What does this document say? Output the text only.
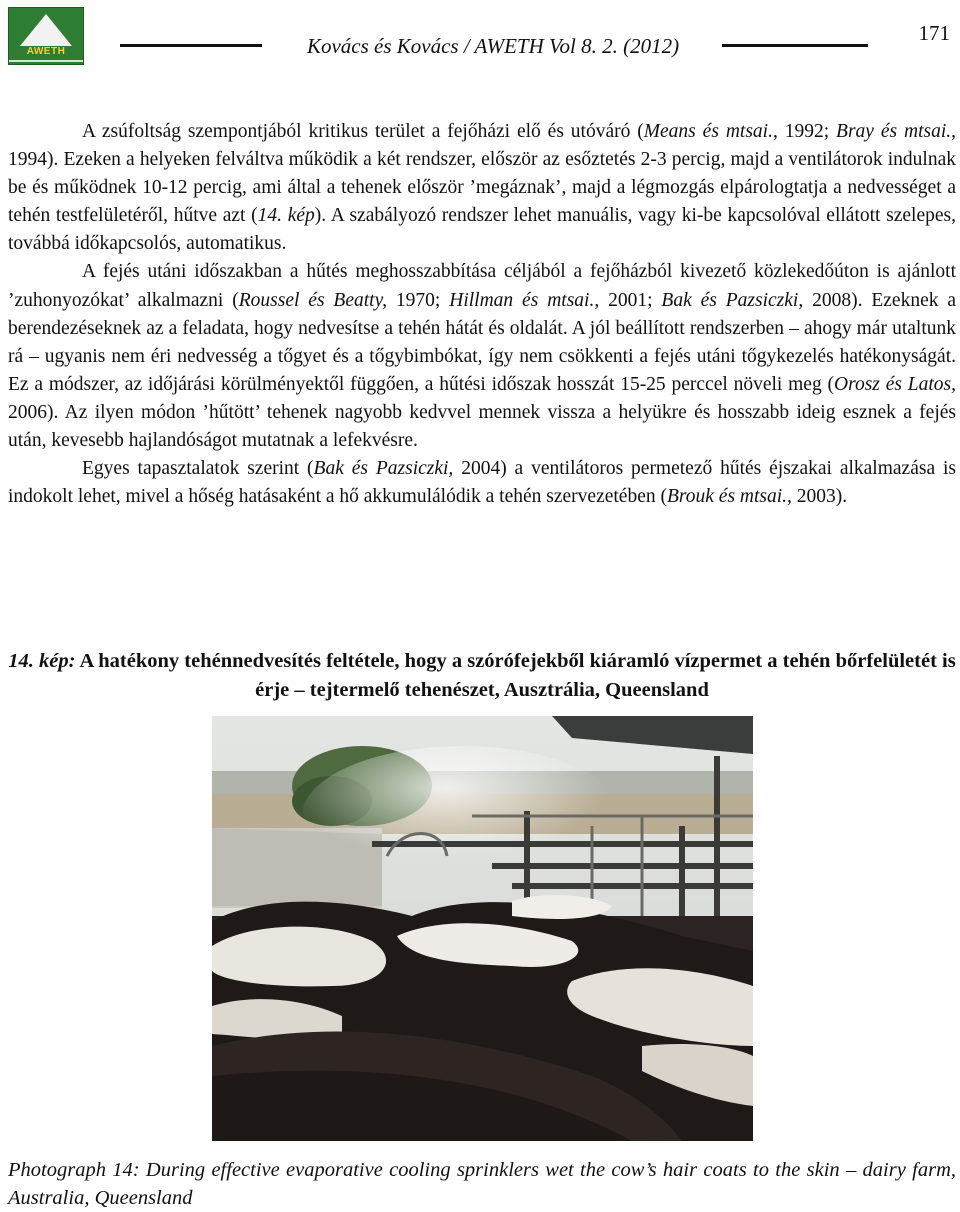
AWETH	Kovács és Kovács / AWETH Vol 8. 2. (2012)
171

A zsúfoltság szempontjából kritikus terület a fejőházi elő és utóváró (Means és mtsai., 1992; Bray és mtsai., 1994). Ezeken a helyeken felváltva működik a két rendszer, először az esőztetés 2-3 percig, majd a ventilátorok indulnak be és működnek 10-12 percig, ami által a tehenek először ’megáznak’, majd a légmozgás elpárologtatja a nedvességet a tehén testfelületéről, hűtve azt (14. kép). A szabályozó rendszer lehet manuális, vagy ki-be kapcsolóval ellátott szelepes, továbbá időkapcsolós, automatikus.

A fejés utáni időszakban a hűtés meghosszabbítása céljából a fejőházból kivezető közlekedőúton is ajánlott ’zuhonyozókat’ alkalmazni (Roussel és Beatty, 1970; Hillman és mtsai., 2001; Bak és Pazsiczki, 2008). Ezeknek a berendezéseknek az a feladata, hogy nedvesítse a tehén hátát és oldalát. A jól beállított rendszerben – ahogy már utaltunk rá – ugyanis nem éri nedvesség a tőgyet és a tőgybimbókat, így nem csökkenti a fejés utáni tőgykezelés hatékonyságát. Ez a módszer, az időjárási körülményektől függően, a hűtési időszak hosszát 15-25 perccel növeli meg (Orosz és Latos, 2006). Az ilyen módon ’hűtött’ tehenek nagyobb kedvvel mennek vissza a helyükre és hosszabb ideig esznek a fejés után, kevesebb hajlandóságot mutatnak a lefekvésre.

Egyes tapasztalatok szerint (Bak és Pazsiczki, 2004) a ventilátoros permetező hűtés éjszakai alkalmazása is indokolt lehet, mivel a hőség hatásaként a hő akkumulálódik a tehén szervezetében (Brouk és mtsai., 2003).

14. kép: A hatékony tehénnedvesítés feltétele, hogy a szórófejekből kiáramló vízpermet a tehén bőrfelületét is érje – tejtermelő tehenészet, Ausztrália, Queensland
Photograph 14: During effective evaporative cooling sprinklers wet the cow’s hair coats to the skin – dairy farm, Australia, Queensland
